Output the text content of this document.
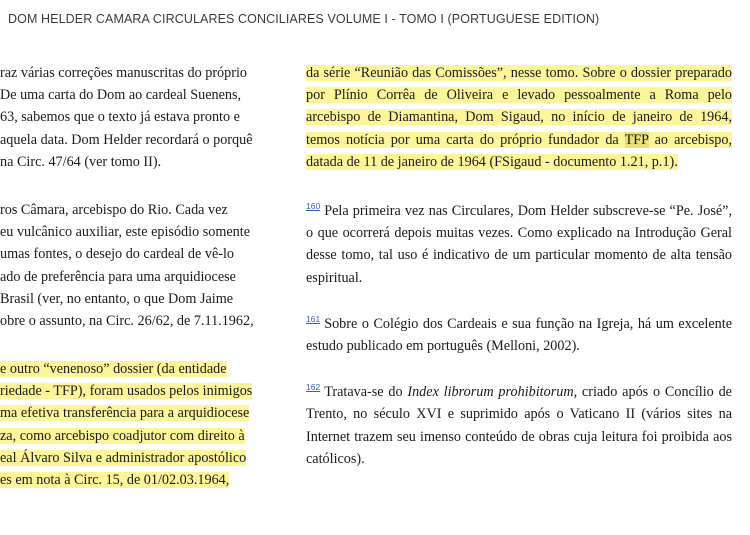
DOM HELDER CAMARA CIRCULARES CONCILIARES VOLUME I - TOMO I (PORTUGUESE EDITION)
raz várias correções manuscritas do próprio
De uma carta do Dom ao cardeal Suenens,
63, sabemos que o texto já estava pronto e
aquela data. Dom Helder recordará o porquê
na Circ. 47/64 (ver tomo II).
ros Câmara, arcebispo do Rio. Cada vez
eu vulcânico auxiliar, este episódio somente
umas fontes, o desejo do cardeal de vê-lo
ado de preferência para uma arquidiocese
Brasil (ver, no entanto, o que Dom Jaime
obre o assunto, na Circ. 26/62, de 7.11.1962,
e outro “venenoso” dossier (da entidade
riedade - TFP), foram usados pelos inimigos
ma efetiva transferência para a arquidiocese
za, como arcebispo coadjutor com direito à
eal Álvaro Silva e administrador apostólico
es em nota à Circ. 15, de 01/02.03.1964,

da série “Reunião das Comissões”, nesse tomo. Sobre o dossier preparado por Plínio Corrêa de Oliveira e levado pessoalmente a Roma pelo arcebispo de Diamantina, Dom Sigaud, no início de janeiro de 1964, temos notícia por uma carta do próprio fundador da TFP ao arcebispo, datada de 11 de janeiro de 1964 (FSigaud - documento 1.21, p.1).

$^{160}$ Pela primeira vez nas Circulares, Dom Helder subscreve-se “Pe. José”, o que ocorrerá depois muitas vezes. Como explicado na Introdução Geral desse tomo, tal uso é indicativo de um particular momento de alta tensão espiritual.

$^{161}$ Sobre o Colégio dos Cardeais e sua função na Igreja, há um excelente estudo publicado em português (Melloni, 2002).

$^{162}$ Tratava-se do Index librorum prohibitorum, criado após o Concílio de Trento, no século XVI e suprimido após o Vaticano II (vários sites na Internet trazem seu imenso conteúdo de obras cuja leitura foi proibida aos católicos).
